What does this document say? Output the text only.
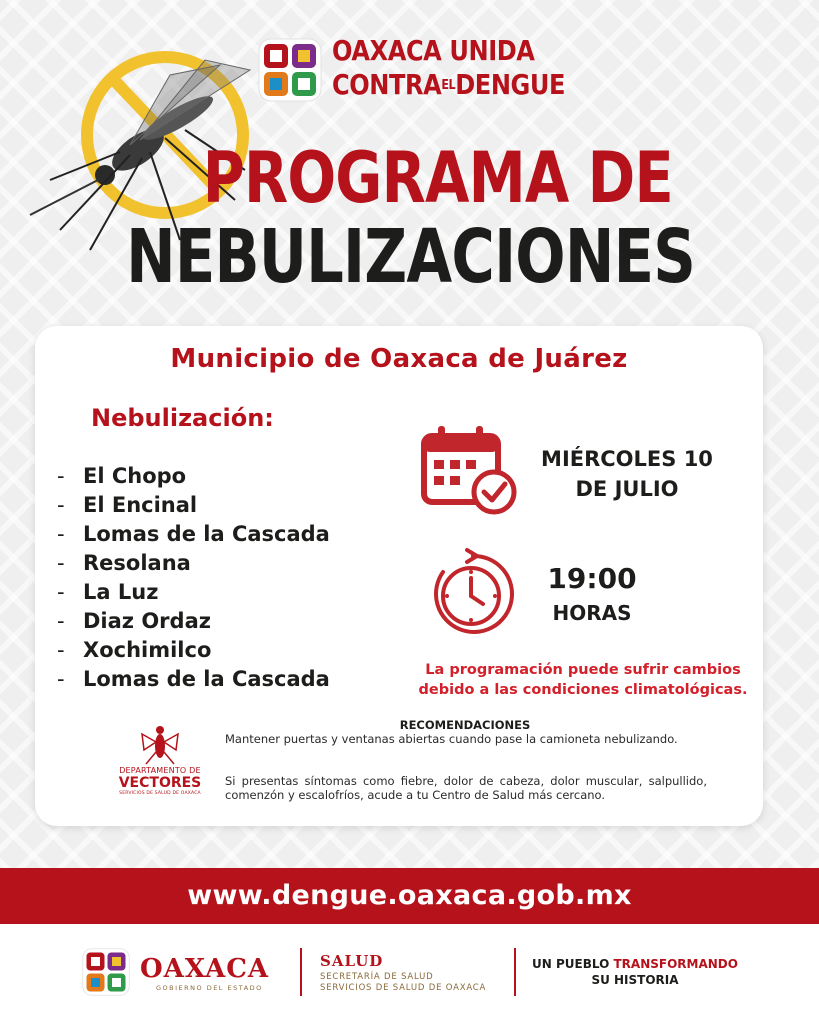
OAXACA UNIDA
CONTRAELDENGUE
PROGRAMA DE
NEBULIZACIONES
Municipio de Oaxaca de Juárez
Nebulización:
- El Chopo
- El Encinal
- Lomas de la Cascada
- Resolana
- La Luz
- Diaz Ordaz
- Xochimilco
- Lomas de la Cascada
MIÉRCOLES 10
DE JULIO
19:00
HORAS
La programación puede sufrir cambios
debido a las condiciones climatológicas.
DEPARTAMENTO DE
VECTORES
SERVICIOS DE SALUD DE OAXACA
RECOMENDACIONES
Mantener puertas y ventanas abiertas cuando pase la camioneta nebulizando.
Si presentas síntomas como fiebre, dolor de cabeza, dolor muscular, salpullido, comenzón y escalofríos, acude a tu Centro de Salud más cercano.
www.dengue.oaxaca.gob.mx
OAXACA
GOBIERNO DEL ESTADO
SALUD
SECRETARÍA DE SALUD
SERVICIOS DE SALUD DE OAXACA
UN PUEBLO TRANSFORMANDO
SU HISTORIA
